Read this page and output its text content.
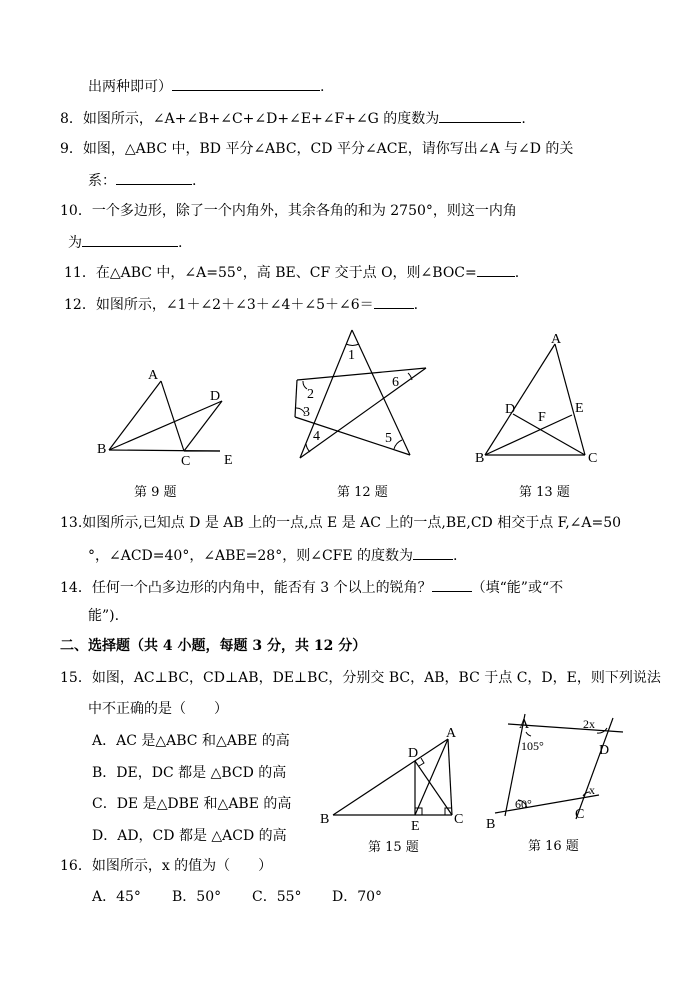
出两种即可）	.
8．如图所示，∠A+∠B+∠C+∠D+∠E+∠F+∠G 的度数为	.
9．如图，△ABC 中，BD 平分∠ABC，CD 平分∠ACE，请你写出∠A 与∠D 的关
系：	.
10．一个多边形，除了一个内角外，其余各角的和为 2750°，则这一内角
为	.
11．在△ABC 中，∠A=55°，高 BE、CF 交于点 O，则∠BOC=	.
12．如图所示，∠1＋∠2＋∠3＋∠4＋∠5＋∠6＝	.
A
B
C
D
E
第 9 题
1
2
3
4	5
6
第 12 题
A
B	C
D	E
F
第 13 题
13.如图所示,已知点 D 是 AB 上的一点,点 E 是 AC 上的一点,BE,CD 相交于点 F,∠A=50
°，∠ACD=40°，∠ABE=28°，则∠CFE 的度数为	.
14．任何一个凸多边形的内角中，能否有 3 个以上的锐角？	（填“能”或“不
能”).
二、选择题（共 4 小题，每题 3 分，共 12 分）
15．如图，AC⊥BC，CD⊥AB，DE⊥BC，分别交 BC，AB，BC 于点 C，D，E，则下列说法
中不正确的是（　　）
A．AC 是△ABC 和△ABE 的高
B．DE，DC 都是 △BCD 的高
C．DE 是△DBE 和△ABE 的高
D．AD，CD 都是 △ACD 的高
A
B	C
D
E
第 15 题
A
B
C
D
2x
x
105°
60°
第 16 题
16．如图所示，x 的值为（　　）
A．45° B．50° C．55° D．70°
